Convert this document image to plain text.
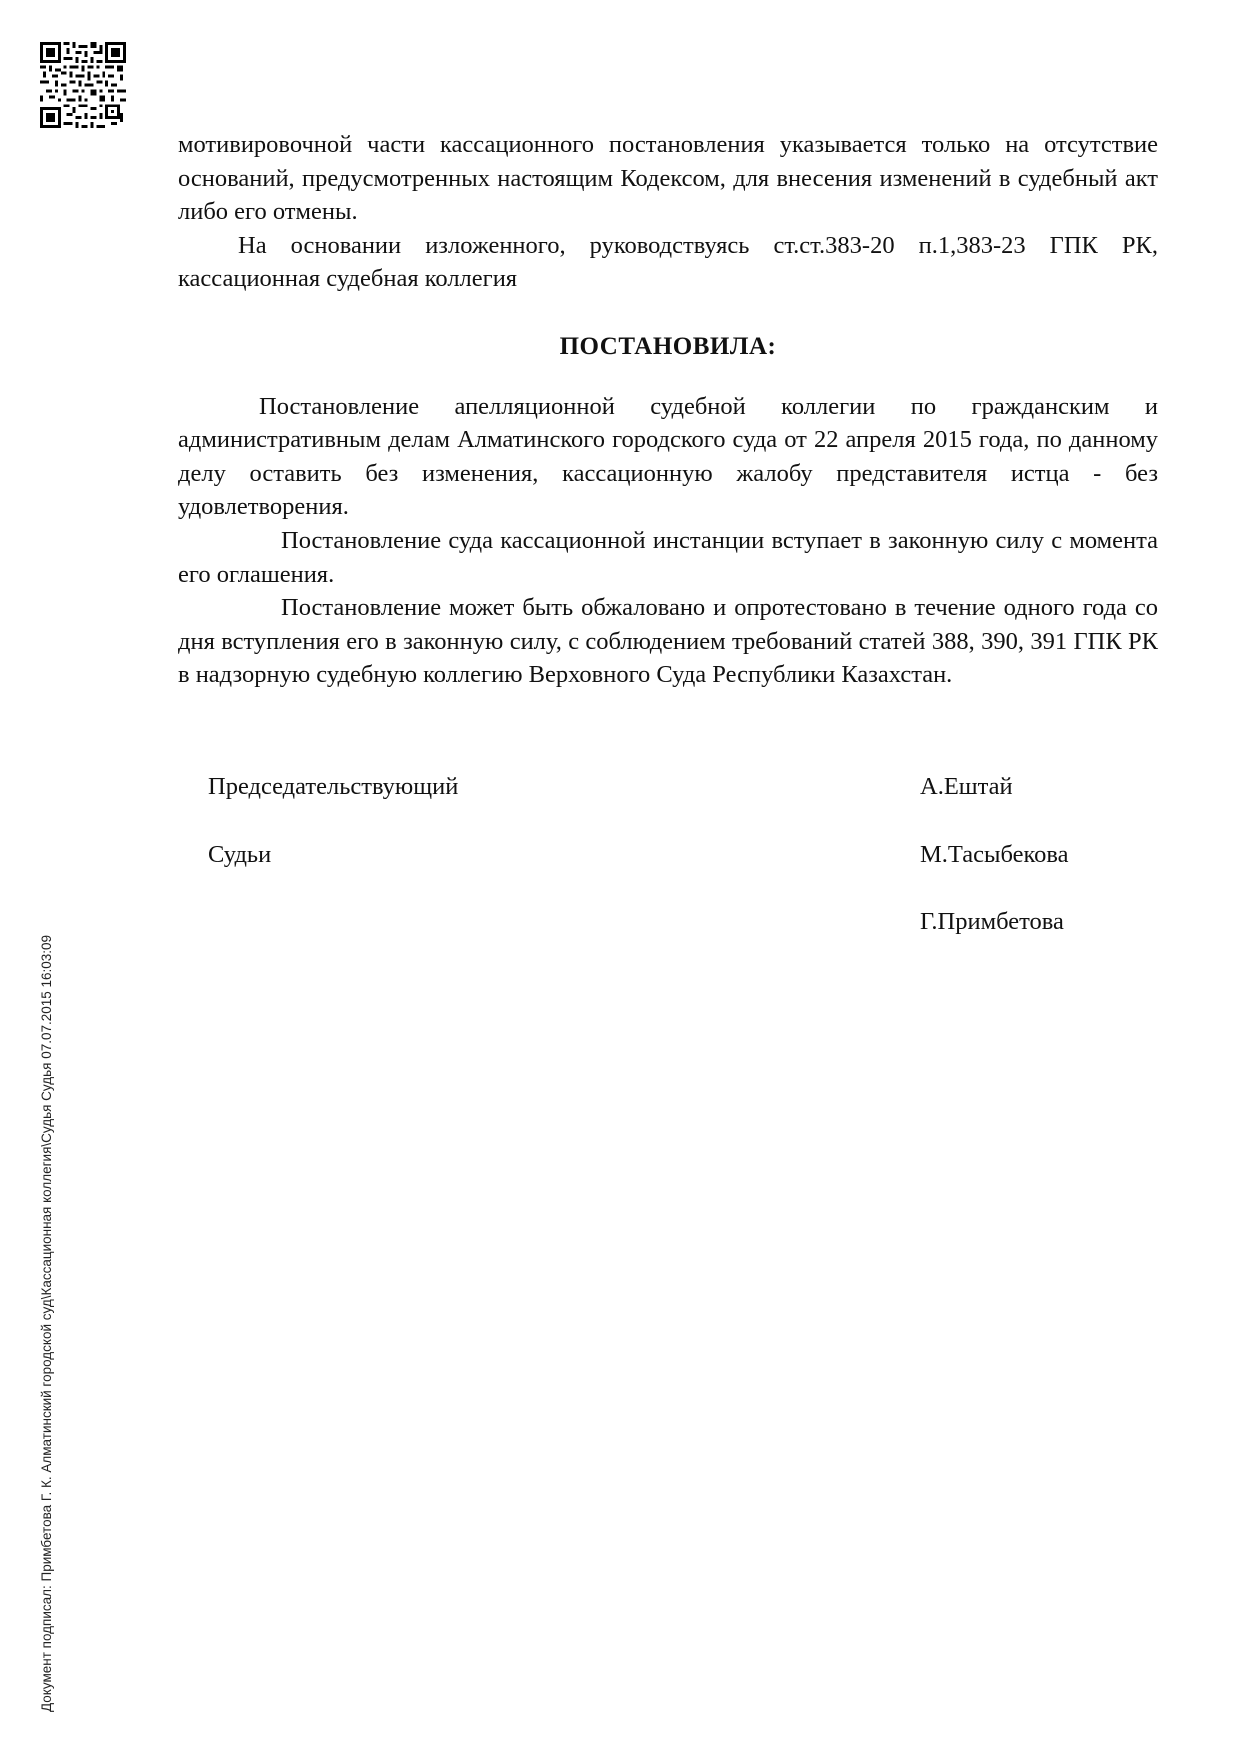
мотивировочной части кассационного постановления указывается только на отсутствие оснований, предусмотренных настоящим Кодексом, для внесения изменений в судебный акт либо его отмены.

На основании изложенного, руководствуясь ст.ст.383-20 п.1,383-23 ГПК РК, кассационная судебная коллегия

ПОСТАНОВИЛА:

Постановление апелляционной судебной коллегии по гражданским и административным делам Алматинского городского суда от 22 апреля 2015 года, по данному делу оставить без изменения, кассационную жалобу представителя истца - без удовлетворения.

Постановление суда кассационной инстанции вступает в законную силу с момента его оглашения.

Постановление может быть обжаловано и опротестовано в течение одного года со дня вступления его в законную силу, с соблюдением требований статей 388, 390, 391 ГПК РК в надзорную судебную коллегию Верховного Суда Республики Казахстан.

Председательствующий	А.Ештай
Судьи	М.Тасыбекова
Г.Примбетова
Документ подписал: Примбетова Г. К. Алматинский городской суд\Кассационная коллегия\Судья Судья 07.07.2015 16:03:09
